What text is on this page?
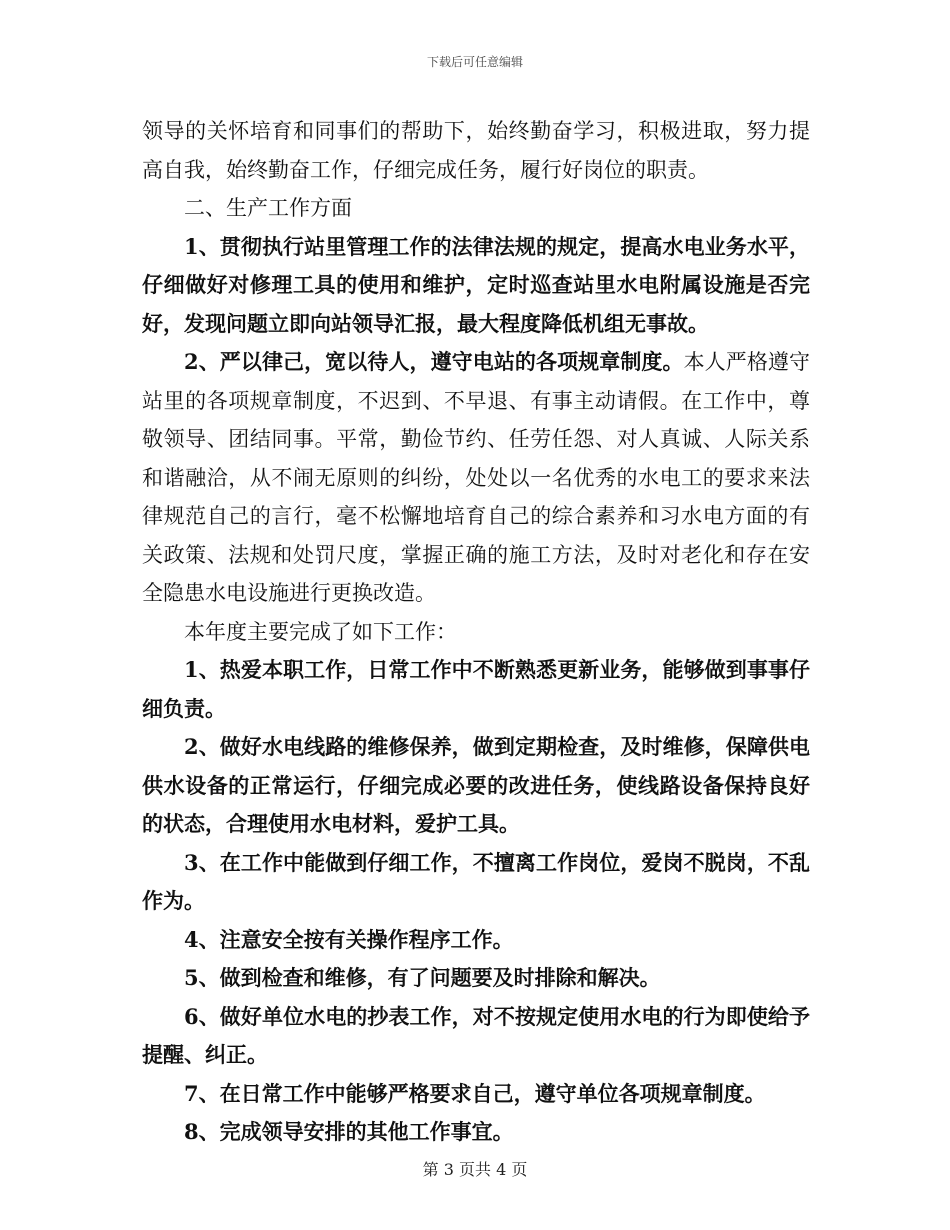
下载后可任意编辑

领导的关怀培育和同事们的帮助下，始终勤奋学习，积极进取，努力提高自我，始终勤奋工作，仔细完成任务，履行好岗位的职责。

二、生产工作方面

1、贯彻执行站里管理工作的法律法规的规定，提高水电业务水平，仔细做好对修理工具的使用和维护，定时巡查站里水电附属设施是否完好，发现问题立即向站领导汇报，最大程度降低机组无事故。

2、严以律己，宽以待人，遵守电站的各项规章制度。本人严格遵守站里的各项规章制度，不迟到、不早退、有事主动请假。在工作中，尊敬领导、团结同事。平常，勤俭节约、任劳任怨、对人真诚、人际关系和谐融洽，从不闹无原则的纠纷，处处以一名优秀的水电工的要求来法律规范自己的言行，毫不松懈地培育自己的综合素养和习水电方面的有关政策、法规和处罚尺度，掌握正确的施工方法，及时对老化和存在安全隐患水电设施进行更换改造。

本年度主要完成了如下工作：

1、热爱本职工作，日常工作中不断熟悉更新业务，能够做到事事仔细负责。

2、做好水电线路的维修保养，做到定期检查，及时维修，保障供电供水设备的正常运行，仔细完成必要的改进任务，使线路设备保持良好的状态，合理使用水电材料，爱护工具。

3、在工作中能做到仔细工作，不擅离工作岗位，爱岗不脱岗，不乱作为。

4、注意安全按有关操作程序工作。

5、做到检查和维修，有了问题要及时排除和解决。

6、做好单位水电的抄表工作，对不按规定使用水电的行为即使给予提醒、纠正。

7、在日常工作中能够严格要求自己，遵守单位各项规章制度。

8、完成领导安排的其他工作事宜。

第 3 页共 4 页
